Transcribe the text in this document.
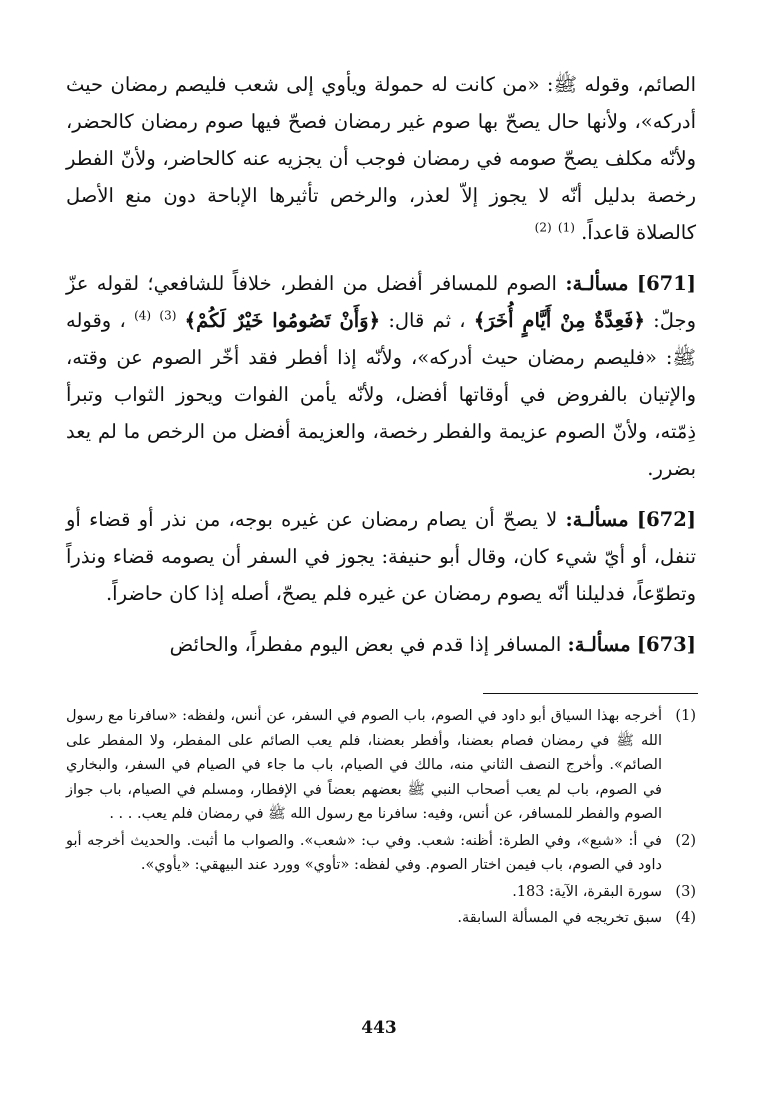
الصائم، وقوله ﷺ: «من كانت له حمولة ويأوي إلى شعب فليصم رمضان حيث أدركه»، ولأنها حال يصحّ بها صوم غير رمضان فصحّ فيها صوم رمضان كالحضر، ولأنّه مكلف يصحّ صومه في رمضان فوجب أن يجزيه عنه كالحاضر، ولأنّ الفطر رخصة بدليل أنّه لا يجوز إلاّ لعذر، والرخص تأثيرها الإباحة دون منع الأصل كالصلاة قاعداً. $^{(1)}$ $^{(2)}$

[671] مسألـة: الصوم للمسافر أفضل من الفطر، خلافاً للشافعي؛ لقوله عزّ وجلّ: ﴿فَعِدَّةٌ مِنْ أَيَّامٍ أُخَرَ﴾ ، ثم قال: ﴿وَأَنْ تَصُومُوا خَيْرٌ لَكُمْ﴾ $^{(3)}$ $^{(4)}$ ، وقوله ﷺ: «فليصم رمضان حيث أدركه»، ولأنّه إذا أفطر فقد أخّر الصوم عن وقته، والإتيان بالفروض في أوقاتها أفضل، ولأنّه يأمن الفوات ويحوز الثواب وتبرأ ذِمّته، ولأنّ الصوم عزيمة والفطر رخصة، والعزيمة أفضل من الرخص ما لم يعد بضرر.

[672] مسألـة: لا يصحّ أن يصام رمضان عن غيره بوجه، من نذر أو قضاء أو تنفل، أو أيّ شيء كان، وقال أبو حنيفة: يجوز في السفر أن يصومه قضاء ونذراً وتطوّعاً، فدليلنا أنّه يصوم رمضان عن غيره فلم يصحّ، أصله إذا كان حاضراً.

[673] مسألـة: المسافر إذا قدم في بعض اليوم مفطراً، والحائض

(1)
أخرجه بهذا السياق أبو داود في الصوم، باب الصوم في السفر، عن أنس، ولفظه: «سافرنا مع رسول الله ﷺ في رمضان فصام بعضنا، وأفطر بعضنا، فلم يعب الصائم على المفطر، ولا المفطر على الصائم». وأخرج النصف الثاني منه، مالك في الصيام، باب ما جاء في الصيام في السفر، والبخاري في الصوم، باب لم يعب أصحاب النبي ﷺ بعضهم بعضاً في الإفطار، ومسلم في الصيام، باب جواز الصوم والفطر للمسافر، عن أنس، وفيه: سافرنا مع رسول الله ﷺ في رمضان فلم يعب. . . .
(2)
في أ: «شبع»، وفي الطرة: أظنه: شعب. وفي ب: «شعب». والصواب ما أثبت. والحديث أخرجه أبو داود في الصوم، باب فيمن اختار الصوم. وفي لفظه: «تأوي» وورد عند البيهقي: «يأوي».
(3)
سورة البقرة، الآية: 183.
(4)
سبق تخريجه في المسألة السابقة.
443
